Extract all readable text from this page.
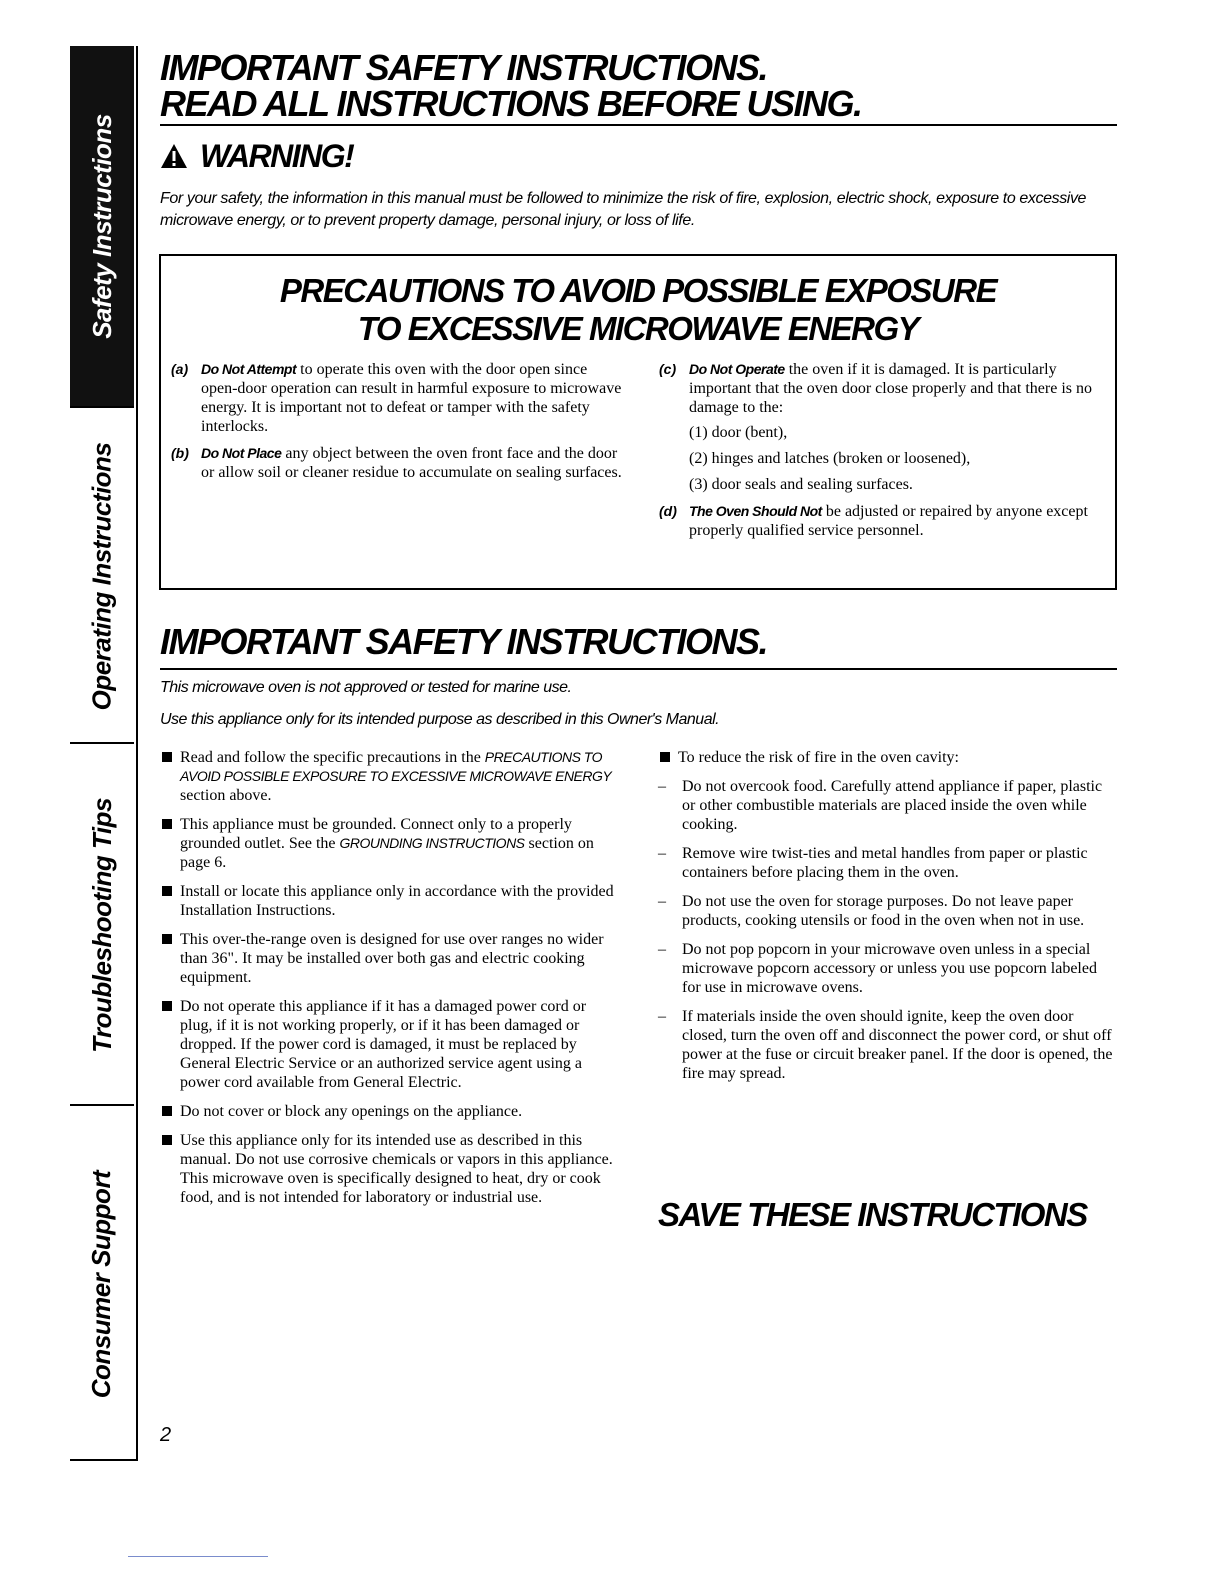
Safety Instructions
Operating Instructions
Troubleshooting Tips
Consumer Support
IMPORTANT SAFETY INSTRUCTIONS.
READ ALL INSTRUCTIONS BEFORE USING.
WARNING!

For your safety, the information in this manual must be followed to minimize the risk of fire, explosion, electric shock, exposure to excessive microwave energy, or to prevent property damage, personal injury, or loss of life.

PRECAUTIONS TO AVOID POSSIBLE EXPOSURE
TO EXCESSIVE MICROWAVE ENERGY

(a) Do Not Attempt to operate this oven with the door open since open-door operation can result in harmful exposure to microwave energy. It is important not to defeat or tamper with the safety interlocks.

(b) Do Not Place any object between the oven front face and the door or allow soil or cleaner residue to accumulate on sealing surfaces.

(c) Do Not Operate the oven if it is damaged. It is particularly important that the oven door close properly and that there is no damage to the:
(1) door (bent),
(2) hinges and latches (broken or loosened),
(3) door seals and sealing surfaces.

(d) The Oven Should Not be adjusted or repaired by anyone except properly qualified service personnel.

IMPORTANT SAFETY INSTRUCTIONS.

This microwave oven is not approved or tested for marine use.

Use this appliance only for its intended purpose as described in this Owner's Manual.

Read and follow the specific precautions in the PRECAUTIONS TO AVOID POSSIBLE EXPOSURE TO EXCESSIVE MICROWAVE ENERGY section above.

This appliance must be grounded. Connect only to a properly grounded outlet. See the GROUNDING INSTRUCTIONS section on page 6.

Install or locate this appliance only in accordance with the provided Installation Instructions.

This over-the-range oven is designed for use over ranges no wider than 36". It may be installed over both gas and electric cooking equipment.

Do not operate this appliance if it has a damaged power cord or plug, if it is not working properly, or if it has been damaged or dropped. If the power cord is damaged, it must be replaced by General Electric Service or an authorized service agent using a power cord available from General Electric.

Do not cover or block any openings on the appliance.

Use this appliance only for its intended use as described in this manual. Do not use corrosive chemicals or vapors in this appliance. This microwave oven is specifically designed to heat, dry or cook food, and is not intended for laboratory or industrial use.

To reduce the risk of fire in the oven cavity:

– Do not overcook food. Carefully attend appliance if paper, plastic or other combustible materials are placed inside the oven while cooking.

– Remove wire twist-ties and metal handles from paper or plastic containers before placing them in the oven.

– Do not use the oven for storage purposes. Do not leave paper products, cooking utensils or food in the oven when not in use.

– Do not pop popcorn in your microwave oven unless in a special microwave popcorn accessory or unless you use popcorn labeled for use in microwave ovens.

– If materials inside the oven should ignite, keep the oven door closed, turn the oven off and disconnect the power cord, or shut off power at the fuse or circuit breaker panel. If the door is opened, the fire may spread.

SAVE THESE INSTRUCTIONS

2
